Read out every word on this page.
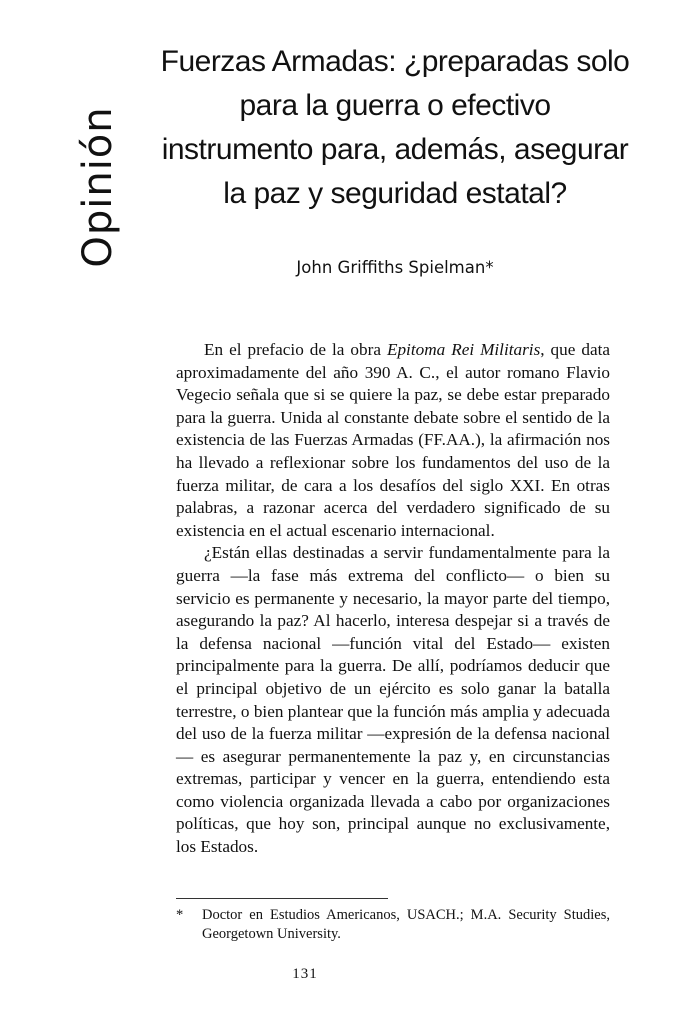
Opinión
Fuerzas Armadas: ¿preparadas solo para la guerra o efectivo instrumento para, además, asegurar la paz y seguridad estatal?
John Griffiths Spielman*

En el prefacio de la obra Epitoma Rei Militaris, que data aproximadamente del año 390 A. C., el autor romano Flavio Vegecio señala que si se quiere la paz, se debe estar preparado para la guerra. Unida al constante debate sobre el sentido de la existencia de las Fuerzas Armadas (FF.AA.), la afirmación nos ha llevado a reflexionar sobre los fundamentos del uso de la fuerza militar, de cara a los desafíos del siglo XXI. En otras palabras, a razonar acerca del verdadero significado de su existencia en el actual escenario internacional.

¿Están ellas destinadas a servir fundamentalmente para la guerra —la fase más extrema del conflicto— o bien su servicio es permanente y necesario, la mayor parte del tiempo, asegurando la paz? Al hacerlo, interesa despejar si a través de la defensa nacional —función vital del Estado— existen principalmente para la guerra. De allí, podríamos deducir que el principal objetivo de un ejército es solo ganar la batalla terrestre, o bien plantear que la función más amplia y adecuada del uso de la fuerza militar —expresión de la defensa nacional— es asegurar permanentemente la paz y, en circunstancias extremas, participar y vencer en la guerra, entendiendo esta como violencia organizada llevada a cabo por organizaciones políticas, que hoy son, principal aunque no exclusivamente, los Estados.

*	Doctor en Estudios Americanos, USACH.; M.A. Security Studies, Georgetown University.
131
